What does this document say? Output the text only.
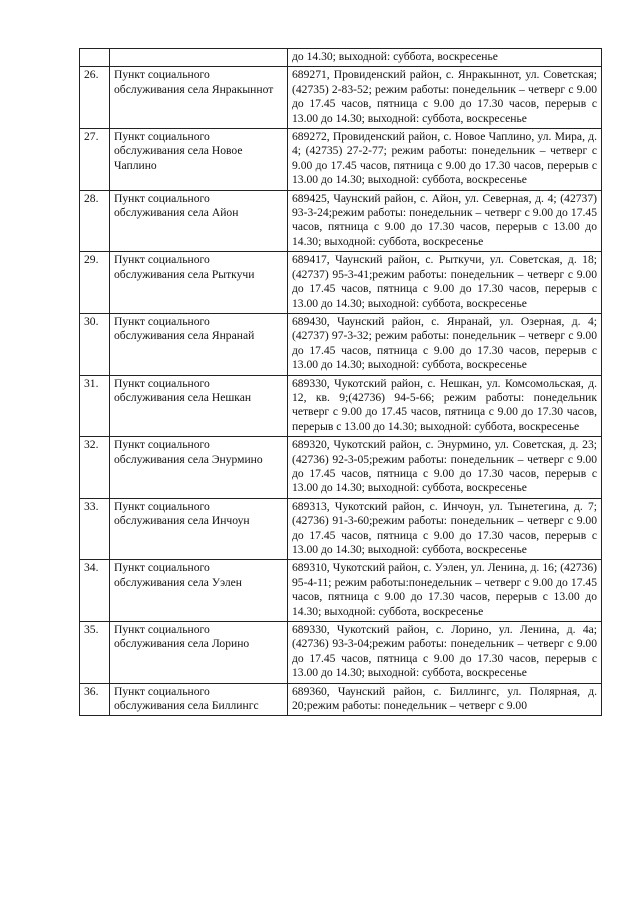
		до 14.30; выходной: суббота, воскресенье
26.	Пункт социального обслуживания села Янракыннот	689271, Провиденский район, с. Янракыннот, ул. Советская;(42735) 2-83-52; режим работы: понедельник – четверг с 9.00 до 17.45 часов, пятница с 9.00 до 17.30 часов, перерыв с 13.00 до 14.30; выходной: суббота, воскресенье
27.	Пункт социального обслуживания села Новое Чаплино	689272, Провиденский район, с. Новое Чаплино, ул. Мира, д. 4; (42735) 27-2-77; режим работы: понедельник – четверг с 9.00 до 17.45 часов, пятница с 9.00 до 17.30 часов, перерыв с 13.00 до 14.30; выходной: суббота, воскресенье
28.	Пункт социального обслуживания села Айон	689425, Чаунский район, с. Айон, ул. Северная, д. 4; (42737) 93-3-24;режим работы: понедельник – четверг с 9.00 до 17.45 часов, пятница с 9.00 до 17.30 часов, перерыв с 13.00 до 14.30; выходной: суббота, воскресенье
29.	Пункт социального обслуживания села Рыткучи	689417, Чаунский район, с. Рыткучи, ул. Советская, д. 18;(42737) 95-3-41;режим работы: понедельник – четверг с 9.00 до 17.45 часов, пятница с 9.00 до 17.30 часов, перерыв с 13.00 до 14.30; выходной: суббота, воскресенье
30.	Пункт социального обслуживания села Янранай	689430, Чаунский район, с. Янранай, ул. Озерная, д. 4; (42737) 97-3-32; режим работы: понедельник – четверг с 9.00 до 17.45 часов, пятница с 9.00 до 17.30 часов, перерыв с 13.00 до 14.30; выходной: суббота, воскресенье
31.	Пункт социального обслуживания села Нешкан	689330, Чукотский район, с. Нешкан, ул. Комсомольская, д. 12, кв. 9;(42736) 94-5-66; режим работы: понедельник четверг с 9.00 до 17.45 часов, пятница с 9.00 до 17.30 часов, перерыв с 13.00 до 14.30; выходной: суббота, воскресенье
32.	Пункт социального обслуживания села Энурмино	689320, Чукотский район, с. Энурмино, ул. Советская, д. 23;(42736) 92-3-05;режим работы: понедельник – четверг с 9.00 до 17.45 часов, пятница с 9.00 до 17.30 часов, перерыв с 13.00 до 14.30; выходной: суббота, воскресенье
33.	Пункт социального обслуживания села Инчоун	689313, Чукотский район, с. Инчоун, ул. Тынетегина, д. 7;(42736) 91-3-60;режим работы: понедельник – четверг с 9.00 до 17.45 часов, пятница с 9.00 до 17.30 часов, перерыв с 13.00 до 14.30; выходной: суббота, воскресенье
34.	Пункт социального обслуживания села Уэлен	689310, Чукотский район, с. Уэлен, ул. Ленина, д. 16; (42736) 95-4-11; режим работы:понедельник – четверг с 9.00 до 17.45 часов, пятница с 9.00 до 17.30 часов, перерыв с 13.00 до 14.30; выходной: суббота, воскресенье
35.	Пункт социального обслуживания села Лорино	689330, Чукотский район, с. Лорино, ул. Ленина, д. 4а;(42736) 93-3-04;режим работы: понедельник – четверг с 9.00 до 17.45 часов, пятница с 9.00 до 17.30 часов, перерыв с 13.00 до 14.30; выходной: суббота, воскресенье
36.	Пункт социального обслуживания села Биллингс	689360, Чаунский район, с. Биллингс, ул. Полярная, д. 20;режим работы: понедельник – четверг с 9.00
